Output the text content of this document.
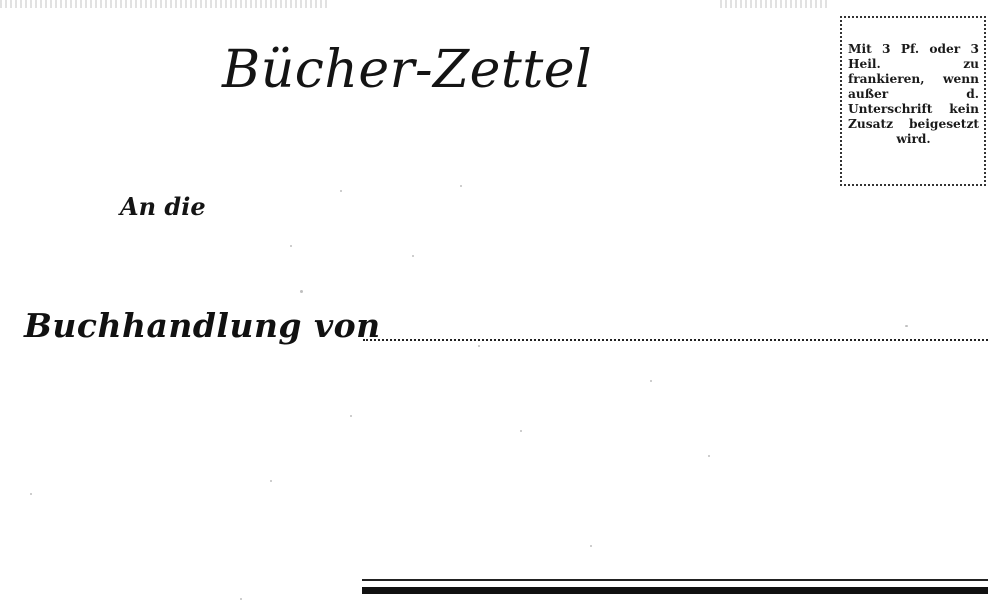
Bücher-Zettel	Mit 3 Pf. oder 3 Heil. zu frankieren, wenn außer d. Unterschrift kein Zusatz beigesetzt wird.
An die
Buchhandlung von
